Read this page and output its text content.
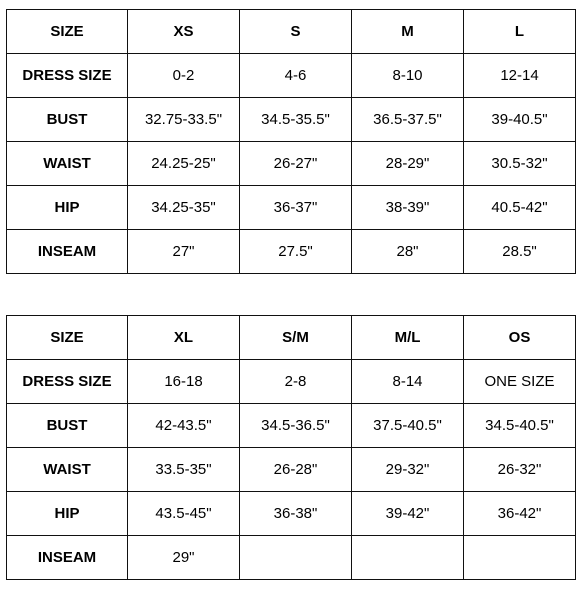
SIZE	XS	S	M	L
DRESS SIZE	0-2	4-6	8-10	12-14
BUST	32.75-33.5"	34.5-35.5"	36.5-37.5"	39-40.5"
WAIST	24.25-25"	26-27"	28-29"	30.5-32"
HIP	34.25-35"	36-37"	38-39"	40.5-42"
INSEAM	27"	27.5"	28"	28.5"
SIZE	XL	S/M	M/L	OS
DRESS SIZE	16-18	2-8	8-14	ONE SIZE
BUST	42-43.5"	34.5-36.5"	37.5-40.5"	34.5-40.5"
WAIST	33.5-35"	26-28"	29-32"	26-32"
HIP	43.5-45"	36-38"	39-42"	36-42"
INSEAM	29"			
